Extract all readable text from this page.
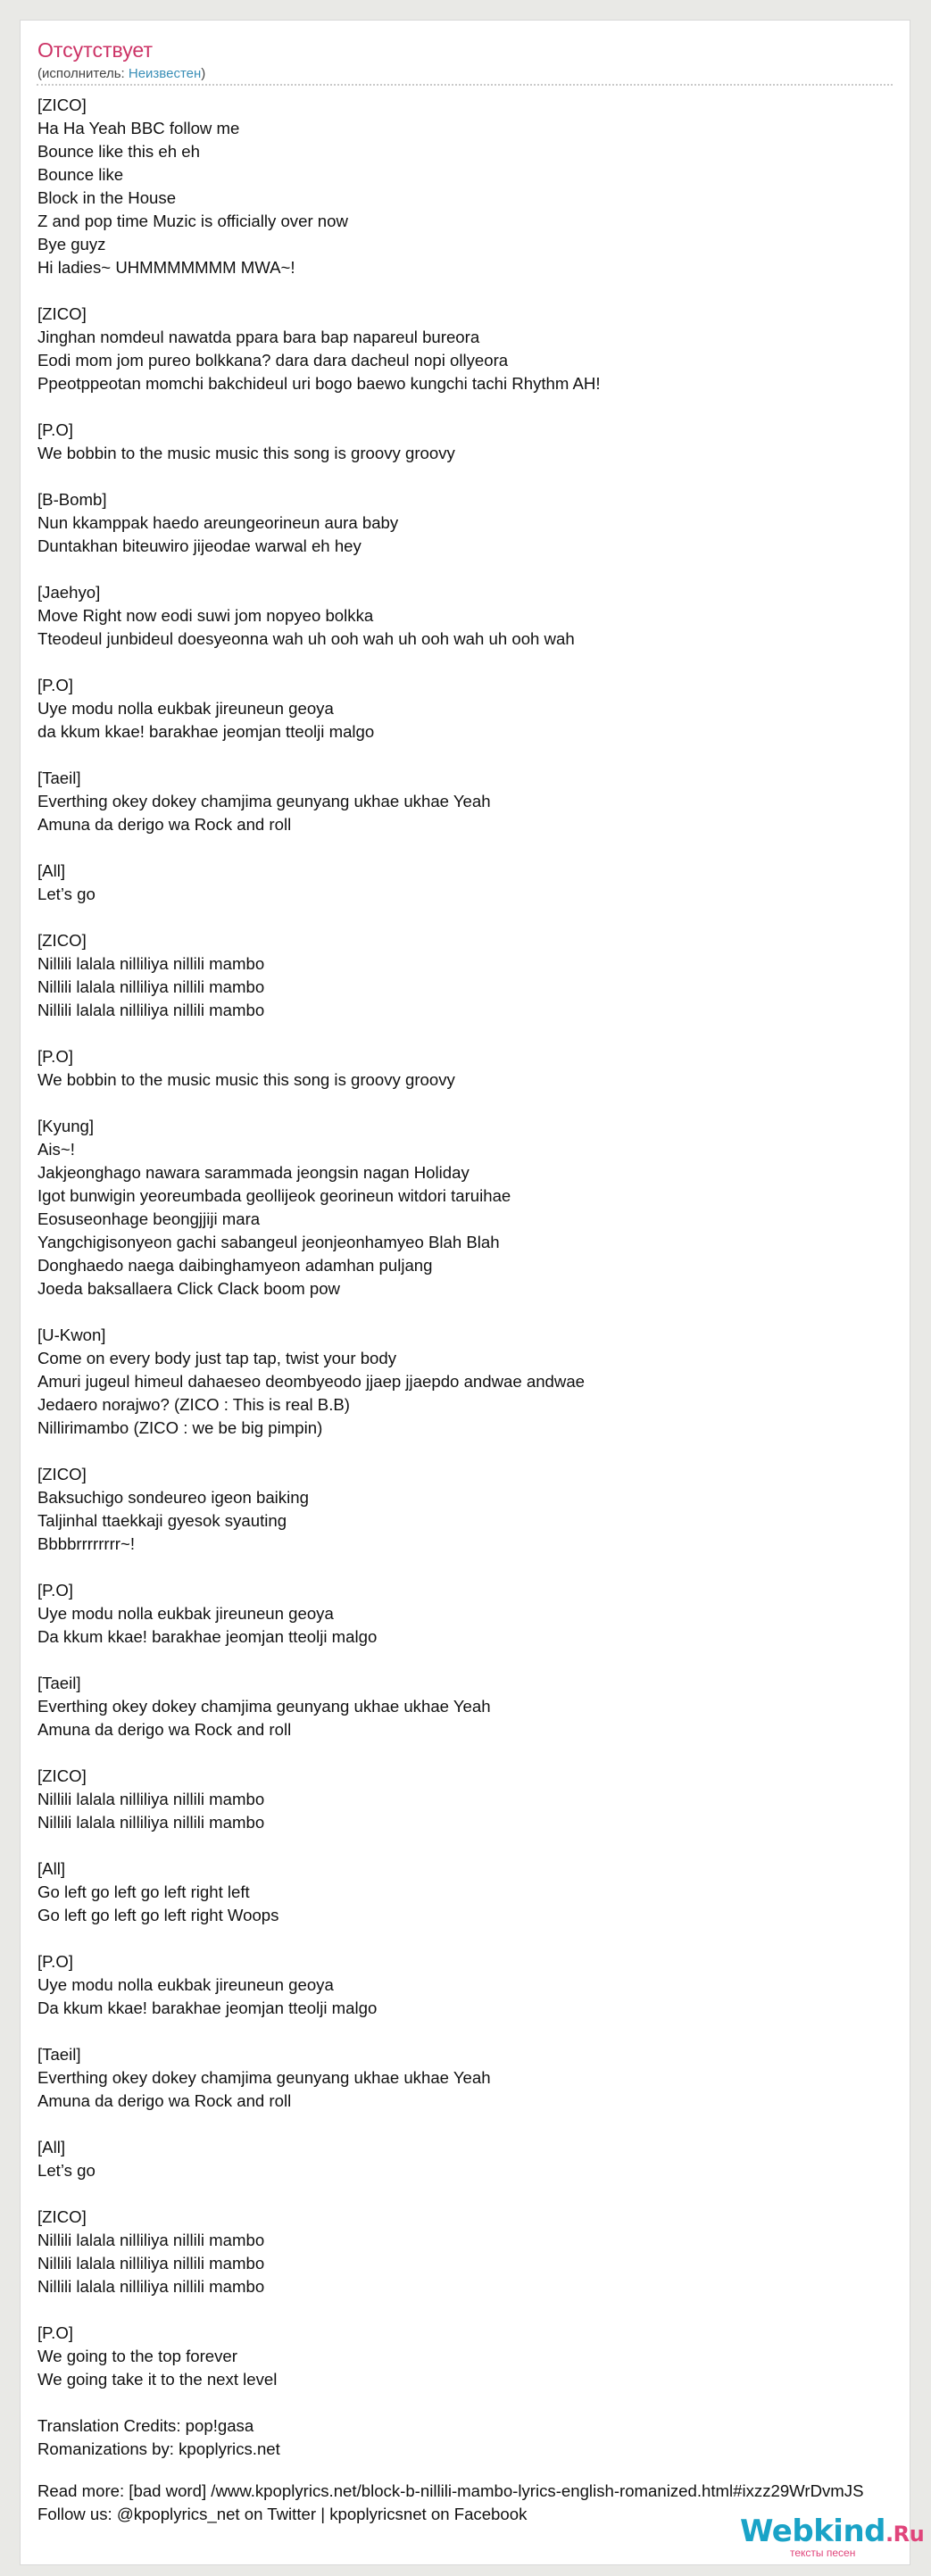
Отсутствует
(исполнитель: Неизвестен)
[ZICO]
Ha Ha Yeah BBC follow me
Bounce like this eh eh
Bounce like
Block in the House
Z and pop time Muzic is officially over now
Bye guyz
Hi ladies~ UHMMMMMMM MWA~!
[ZICO]
Jinghan nomdeul nawatda ppara bara bap napareul bureora
Eodi mom jom pureo bolkkana? dara dara dacheul nopi ollyeora
Ppeotppeotan momchi bakchideul uri bogo baewo kungchi tachi Rhythm AH!
[P.O]
We bobbin to the music music this song is groovy groovy
[B-Bomb]
Nun kkamppak haedo areungeorineun aura baby
Duntakhan biteuwiro jijeodae warwal eh hey
[Jaehyo]
Move Right now eodi suwi jom nopyeo bolkka
Tteodeul junbideul doesyeonna wah uh ooh wah uh ooh wah uh ooh wah
[P.O]
Uye modu nolla eukbak jireuneun geoya
da kkum kkae! barakhae jeomjan tteolji malgo
[Taeil]
Everthing okey dokey chamjima geunyang ukhae ukhae Yeah
Amuna da derigo wa Rock and roll
[All]
Let’s go
[ZICO]
Nillili lalala nilliliya nillili mambo
Nillili lalala nilliliya nillili mambo
Nillili lalala nilliliya nillili mambo
[P.O]
We bobbin to the music music this song is groovy groovy
[Kyung]
Ais~!
Jakjeonghago nawara sarammada jeongsin nagan Holiday
Igot bunwigin yeoreumbada geollijeok georineun witdori taruihae
Eosuseonhage beongjjiji mara
Yangchigisonyeon gachi sabangeul jeonjeonhamyeo Blah Blah
Donghaedo naega daibinghamyeon adamhan puljang
Joeda baksallaera Click Clack boom pow
[U-Kwon]
Come on every body just tap tap, twist your body
Amuri jugeul himeul dahaeseo deombyeodo jjaep jjaepdo andwae andwae
Jedaero norajwo? (ZICO : This is real B.B)
Nillirimambo (ZICO : we be big pimpin)
[ZICO]
Baksuchigo sondeureo igeon baiking
Taljinhal ttaekkaji gyesok syauting
Bbbbrrrrrrrr~!
[P.O]
Uye modu nolla eukbak jireuneun geoya
Da kkum kkae! barakhae jeomjan tteolji malgo
[Taeil]
Everthing okey dokey chamjima geunyang ukhae ukhae Yeah
Amuna da derigo wa Rock and roll
[ZICO]
Nillili lalala nilliliya nillili mambo
Nillili lalala nilliliya nillili mambo
[All]
Go left go left go left right left
Go left go left go left right Woops
[P.O]
Uye modu nolla eukbak jireuneun geoya
Da kkum kkae! barakhae jeomjan tteolji malgo
[Taeil]
Everthing okey dokey chamjima geunyang ukhae ukhae Yeah
Amuna da derigo wa Rock and roll
[All]
Let’s go
[ZICO]
Nillili lalala nilliliya nillili mambo
Nillili lalala nilliliya nillili mambo
Nillili lalala nilliliya nillili mambo
[P.O]
We going to the top forever
We going take it to the next level
Translation Credits: pop!gasa
Romanizations by: kpoplyrics.net
Read more: [bad word] /www.kpoplyrics.net/block-b-nillili-mambo-lyrics-english-romanized.html#ixzz29WrDvmJS
Follow us: @kpoplyrics_net on Twitter | kpoplyricsnet on Facebook	Webkind.Ru
тексты песен
